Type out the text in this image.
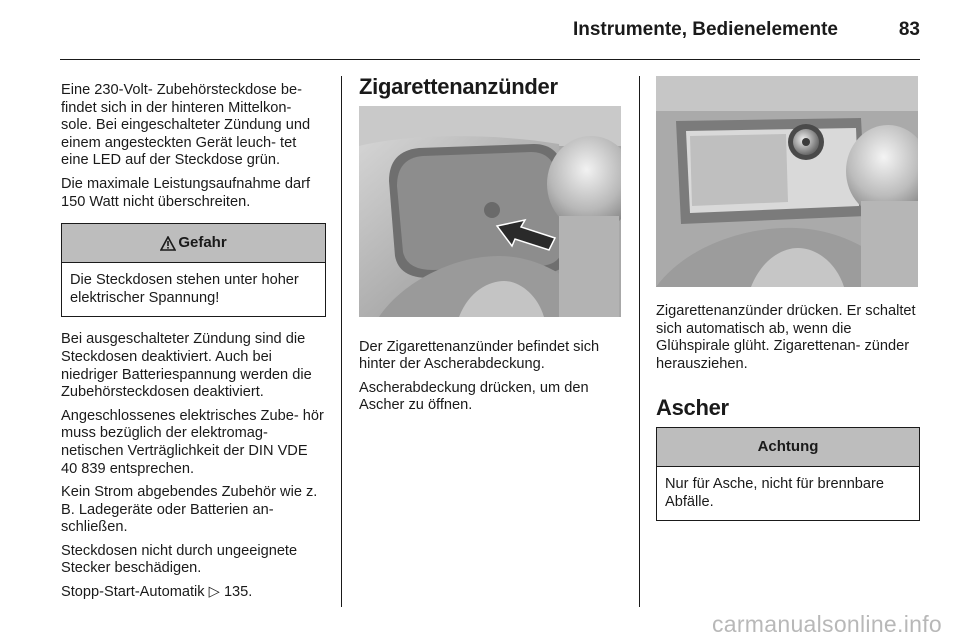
Instrumente, Bedienelemente	83

Eine 230-Volt- Zubehörsteckdose be- findet sich in der hinteren Mittelkon- sole. Bei eingeschalteter Zündung und einem angesteckten Gerät leuch- tet eine LED auf der Steckdose grün.

Die maximale Leistungsaufnahme darf 150 Watt nicht überschreiten.

Gefahr
Die Steckdosen stehen unter hoher elektrischer Spannung!

Bei ausgeschalteter Zündung sind die Steckdosen deaktiviert. Auch bei niedriger Batteriespannung werden die Zubehörsteckdosen deaktiviert.

Angeschlossenes elektrisches Zube- hör muss bezüglich der elektromag- netischen Verträglichkeit der DIN VDE 40 839 entsprechen.

Kein Strom abgebendes Zubehör wie z. B. Ladegeräte oder Batterien an- schließen.

Steckdosen nicht durch ungeeignete Stecker beschädigen.

Stopp-Start-Automatik ▷ 135.

Zigarettenanzünder

Der Zigarettenanzünder befindet sich hinter der Ascherabdeckung.

Ascherabdeckung drücken, um den Ascher zu öffnen.

Zigarettenanzünder drücken. Er schaltet sich automatisch ab, wenn die Glühspirale glüht. Zigarettenan- zünder herausziehen.

Ascher
Achtung
Nur für Asche, nicht für brennbare Abfälle.
carmanualsonline.info
